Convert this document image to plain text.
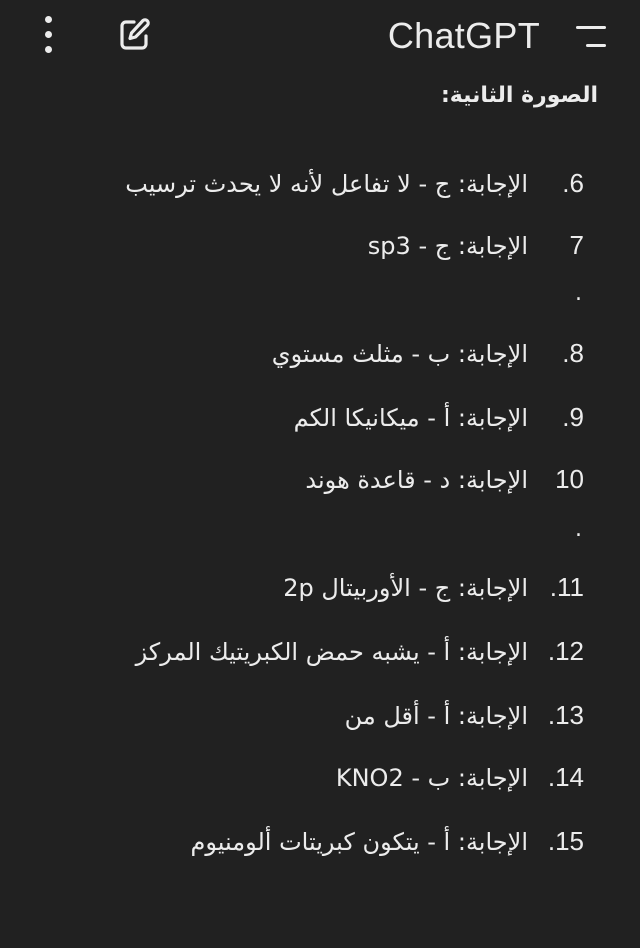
الصورة الثانية:
6.
الإجابة: ج - لا تفاعل لأنه لا يحدث ترسيب
7
الإجابة: ج - sp3
.
8.
الإجابة: ب - مثلث مستوي
9.
الإجابة: أ - ميكانيكا الكم
10
الإجابة: د - قاعدة هوند
.
11.
الإجابة: ج - الأوربيتال 2p
12.
الإجابة: أ - يشبه حمض الكبريتيك المركز
13.
الإجابة: أ - أقل من
14.
الإجابة: ب - KNO2
15.
الإجابة: أ - يتكون كبريتات ألومنيوم
ChatGPT
